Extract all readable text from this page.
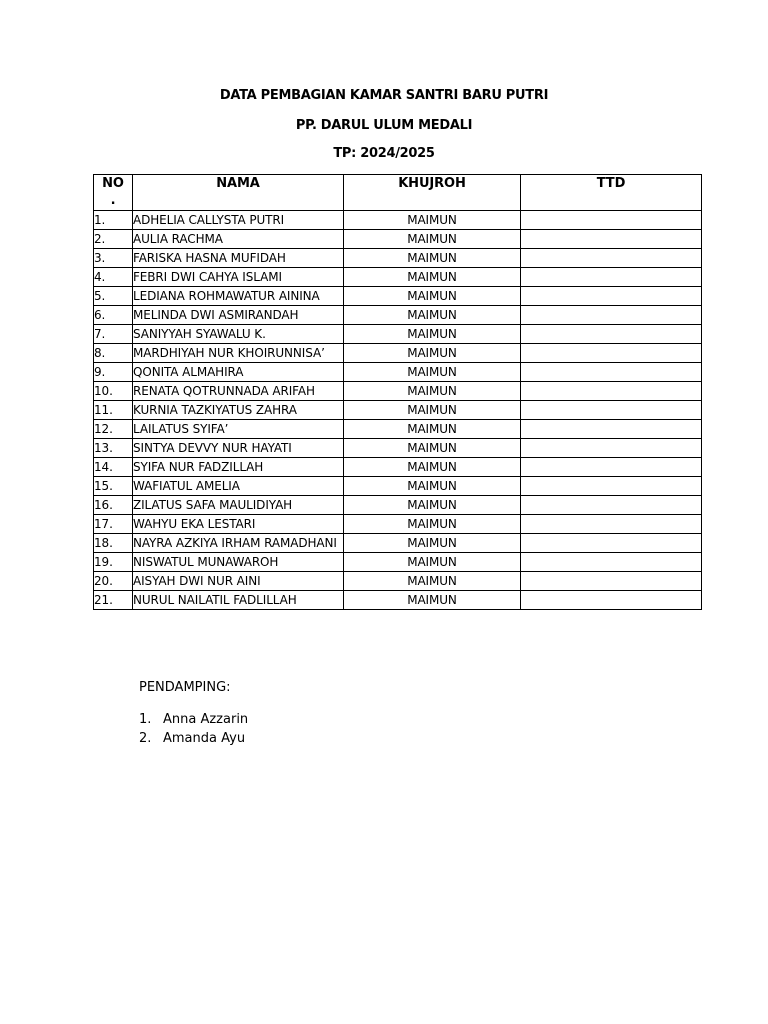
DATA PEMBAGIAN KAMAR SANTRI BARU PUTRI
PP. DARUL ULUM MEDALI
TP: 2024/2025
NO
.	NAMA	KHUJROH	TTD
1.	ADHELIA CALLYSTA PUTRI	MAIMUN	
2.	AULIA RACHMA	MAIMUN	
3.	FARISKA HASNA MUFIDAH	MAIMUN	
4.	FEBRI DWI CAHYA ISLAMI	MAIMUN	
5.	LEDIANA ROHMAWATUR AININA	MAIMUN	
6.	MELINDA DWI ASMIRANDAH	MAIMUN	
7.	SANIYYAH SYAWALU K.	MAIMUN	
8.	MARDHIYAH NUR KHOIRUNNISA’	MAIMUN	
9.	QONITA ALMAHIRA	MAIMUN	
10.	RENATA QOTRUNNADA ARIFAH	MAIMUN	
11.	KURNIA TAZKIYATUS ZAHRA	MAIMUN	
12.	LAILATUS SYIFA’	MAIMUN	
13.	SINTYA DEVVY NUR HAYATI	MAIMUN	
14.	SYIFA NUR FADZILLAH	MAIMUN	
15.	WAFIATUL AMELIA	MAIMUN	
16.	ZILATUS SAFA MAULIDIYAH	MAIMUN	
17.	WAHYU EKA LESTARI	MAIMUN	
18.	NAYRA AZKIYA IRHAM RAMADHANI	MAIMUN	
19.	NISWATUL MUNAWAROH	MAIMUN	
20.	AISYAH DWI NUR AINI	MAIMUN	
21.	NURUL NAILATIL FADLILLAH	MAIMUN	
PENDAMPING:
1. Anna Azzarin
2. Amanda Ayu
